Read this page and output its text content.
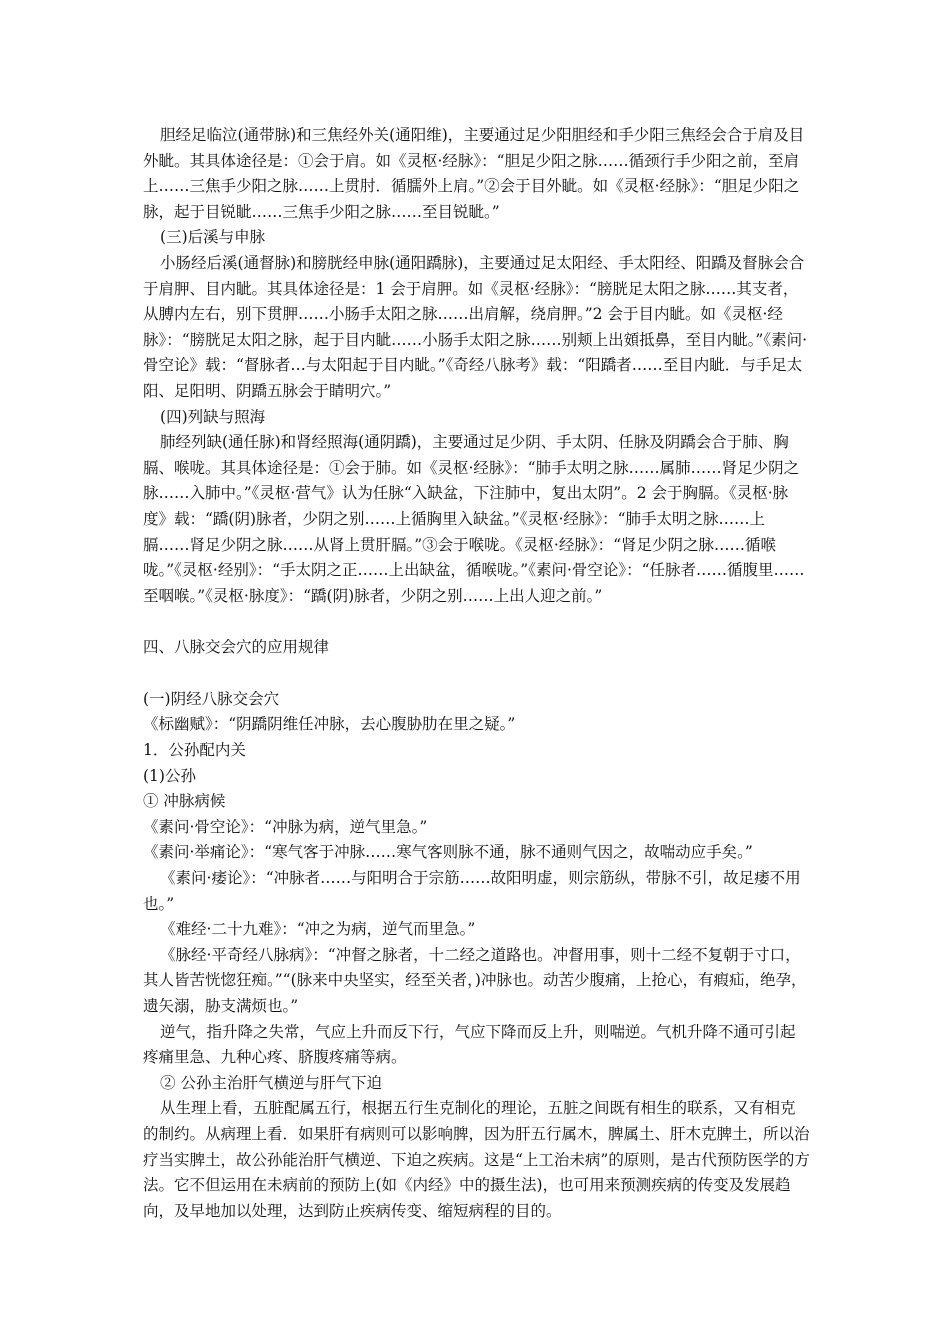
胆经足临泣(通带脉)和三焦经外关(通阳维)，主要通过足少阳胆经和手少阳三焦经会合于肩及目外眦。其具体途径是：①会于肩。如《灵枢·经脉》：“胆足少阳之脉……循颈行手少阳之前，至肩上……三焦手少阳之脉……上贯肘．循臑外上肩。”②会于目外眦。如《灵枢·经脉》：“胆足少阳之脉，起于目锐眦……三焦手少阳之脉……至目锐眦。”

(三)后溪与申脉

小肠经后溪(通督脉)和膀胱经申脉(通阳蹻脉)，主要通过足太阳经、手太阳经、阳蹻及督脉会合于肩胛、目内眦。其具体途径是：1 会于肩胛。如《灵枢·经脉》：“膀胱足太阳之脉……其支者，从膊内左右，别下贯胛……小肠手太阳之脉……出肩解，绕肩胛。”2 会于目内眦。如《灵枢·经脉》：“膀胱足太阳之脉，起于目内眦……小肠手太阳之脉……别颊上出頞抵鼻，至目内眦。”《素问·骨空论》载：“督脉者…与太阳起于目内眦。”《奇经八脉考》载：“阳蹻者……至目内眦．与手足太阳、足阳明、阴蹻五脉会于睛明穴。”

(四)列缺与照海

肺经列缺(通任脉)和肾经照海(通阴蹻)，主要通过足少阴、手太阴、任脉及阴蹻会合于肺、胸膈、喉咙。其具体途径是：①会于肺。如《灵枢·经脉》：“肺手太明之脉……属肺……肾足少阴之脉……入肺中。”《灵枢·营气》认为任脉“入缺盆，下注肺中，复出太阴”。2 会于胸膈。《灵枢·脉度》载：“蹻(阴)脉者，少阴之别……上循胸里入缺盆。”《灵枢·经脉》：“肺手太明之脉……上膈……肾足少阴之脉……从肾上贯肝膈。”③会于喉咙。《灵枢·经脉》：“肾足少阴之脉……循喉咙。”《灵枢·经别》：“手太阴之正……上出缺盆，循喉咙。”《素问·骨空论》：“任脉者……循腹里……至咽喉。”《灵枢·脉度》：“蹻(阴)脉者，少阴之别……上出人迎之前。”

四、八脉交会穴的应用规律

(一)阴经八脉交会穴

《标幽赋》：“阴蹻阴维任冲脉，去心腹胁肋在里之疑。”

1．公孙配内关

(1)公孙

① 冲脉病候

《素问·骨空论》：“冲脉为病，逆气里急。”

《素问·举痛论》：“寒气客于冲脉……寒气客则脉不通，脉不通则气因之，故喘动应手矣。”

《素问·痿论》：“冲脉者……与阳明合于宗筋……故阳明虚，则宗筋纵，带脉不引，故足痿不用也。”

《难经·二十九难》：“冲之为病，逆气而里急。”

《脉经·平奇经八脉病》：“冲督之脉者，十二经之道路也。冲督用事，则十二经不复朝于寸口，其人皆苦恍惚狂痴。”“(脉来中央坚实，经至关者，)冲脉也。动苦少腹痛，上抢心，有瘕疝，绝孕，遗矢溺，胁支满烦也。”

逆气，指升降之失常，气应上升而反下行，气应下降而反上升，则喘逆。气机升降不通可引起疼痛里急、九种心疼、脐腹疼痛等病。

② 公孙主治肝气横逆与肝气下迫

从生理上看，五脏配属五行，根据五行生克制化的理论，五脏之间既有相生的联系，又有相克的制约。从病理上看．如果肝有病则可以影响脾，因为肝五行属木，脾属土、肝木克脾土，所以治疗当实脾土，故公孙能治肝气横逆、下迫之疾病。这是“上工治未病”的原则，是古代预防医学的方法。它不但运用在未病前的预防上(如《内经》中的摄生法)，也可用来预测疾病的传变及发展趋向，及早地加以处理，达到防止疾病传变、缩短病程的目的。
